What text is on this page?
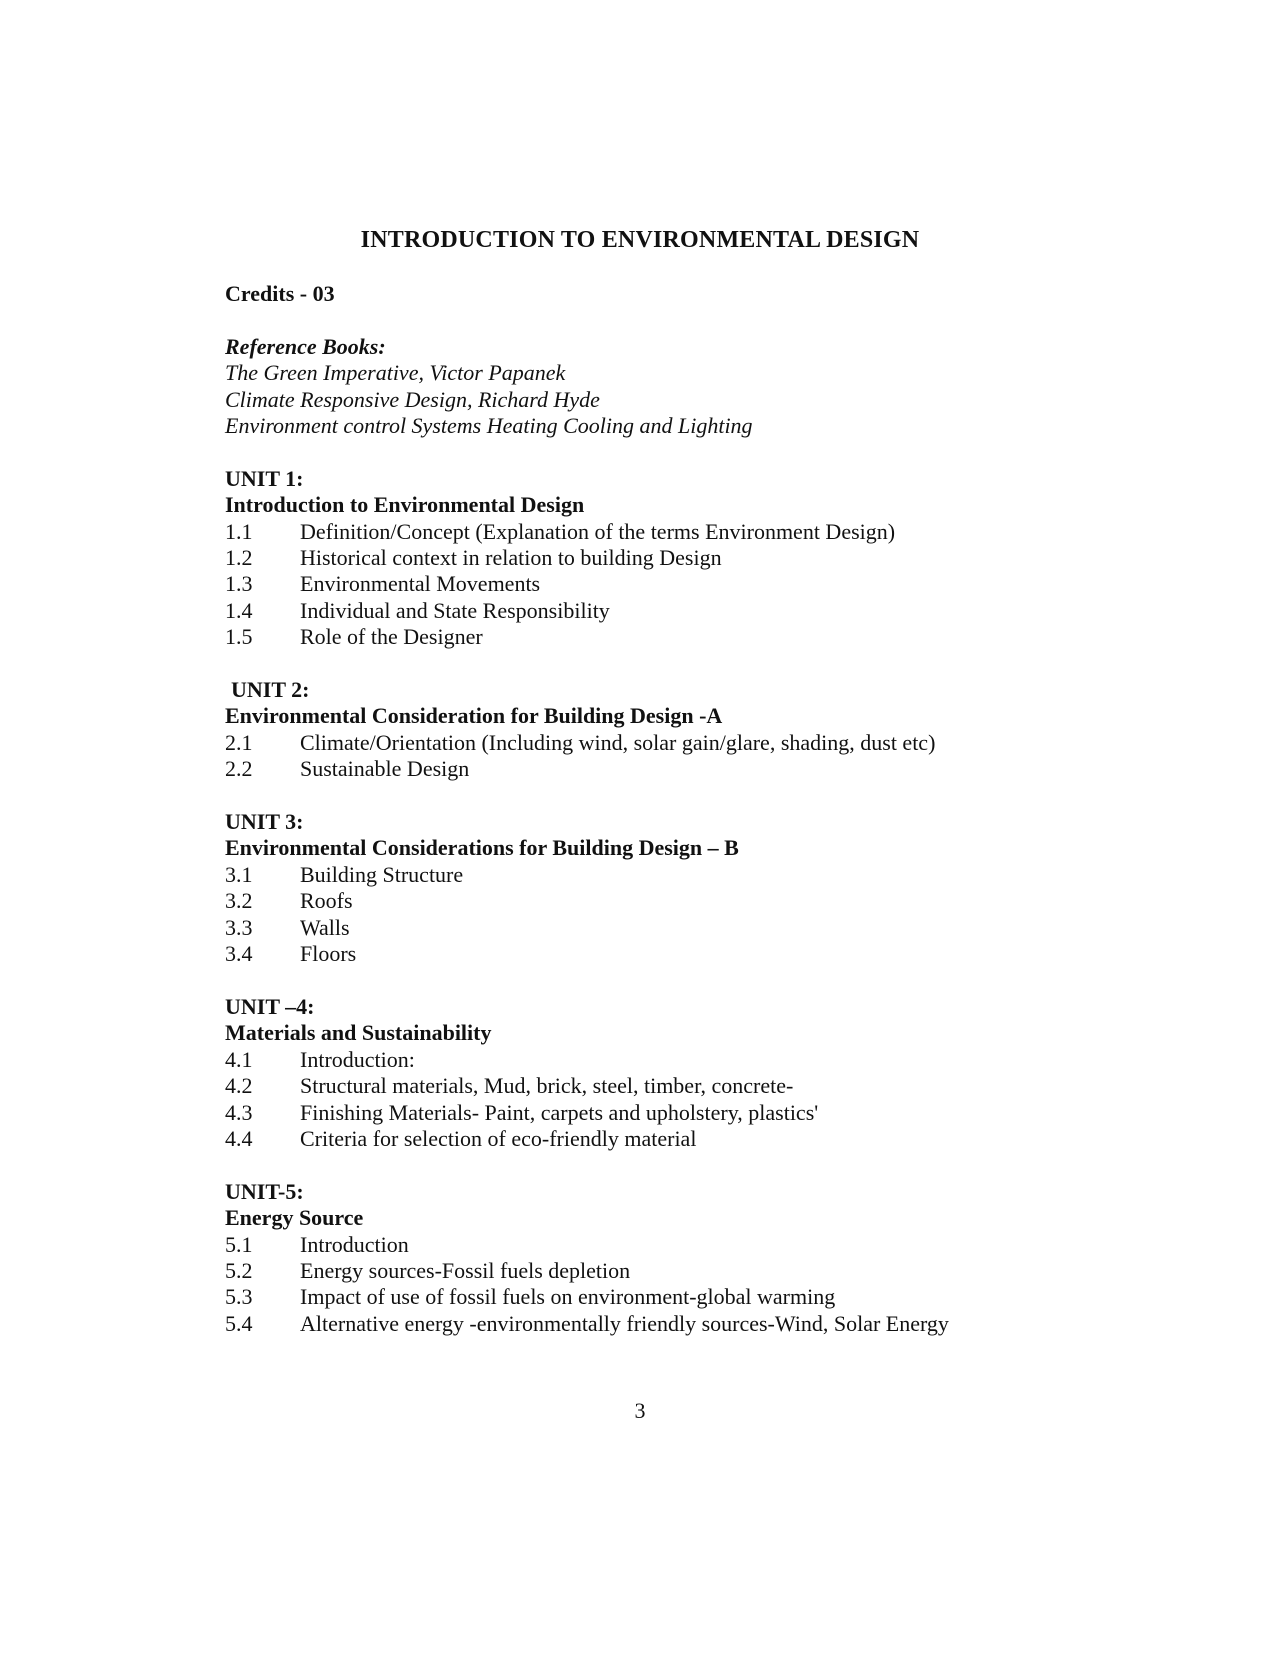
INTRODUCTION TO ENVIRONMENTAL DESIGN
Credits - 03
Reference Books:
The Green Imperative, Victor Papanek
Climate Responsive Design, Richard Hyde
Environment control Systems Heating Cooling and Lighting
UNIT 1:
Introduction to Environmental Design
1.1 Definition/Concept (Explanation of the terms Environment Design)
1.2 Historical context in relation to building Design
1.3 Environmental Movements
1.4 Individual and State Responsibility
1.5 Role of the Designer
UNIT 2:
Environmental Consideration for Building Design -A
2.1 Climate/Orientation (Including wind, solar gain/glare, shading, dust etc)
2.2 Sustainable Design
UNIT 3:
Environmental Considerations for Building Design – B
3.1 Building Structure
3.2 Roofs
3.3 Walls
3.4 Floors
UNIT –4:
Materials and Sustainability
4.1 Introduction:
4.2 Structural materials, Mud, brick, steel, timber, concrete-
4.3 Finishing Materials- Paint, carpets and upholstery, plastics'
4.4 Criteria for selection of eco-friendly material
UNIT-5:
Energy Source
5.1 Introduction
5.2 Energy sources-Fossil fuels depletion
5.3 Impact of use of fossil fuels on environment-global warming
5.4 Alternative energy -environmentally friendly sources-Wind, Solar Energy
3
